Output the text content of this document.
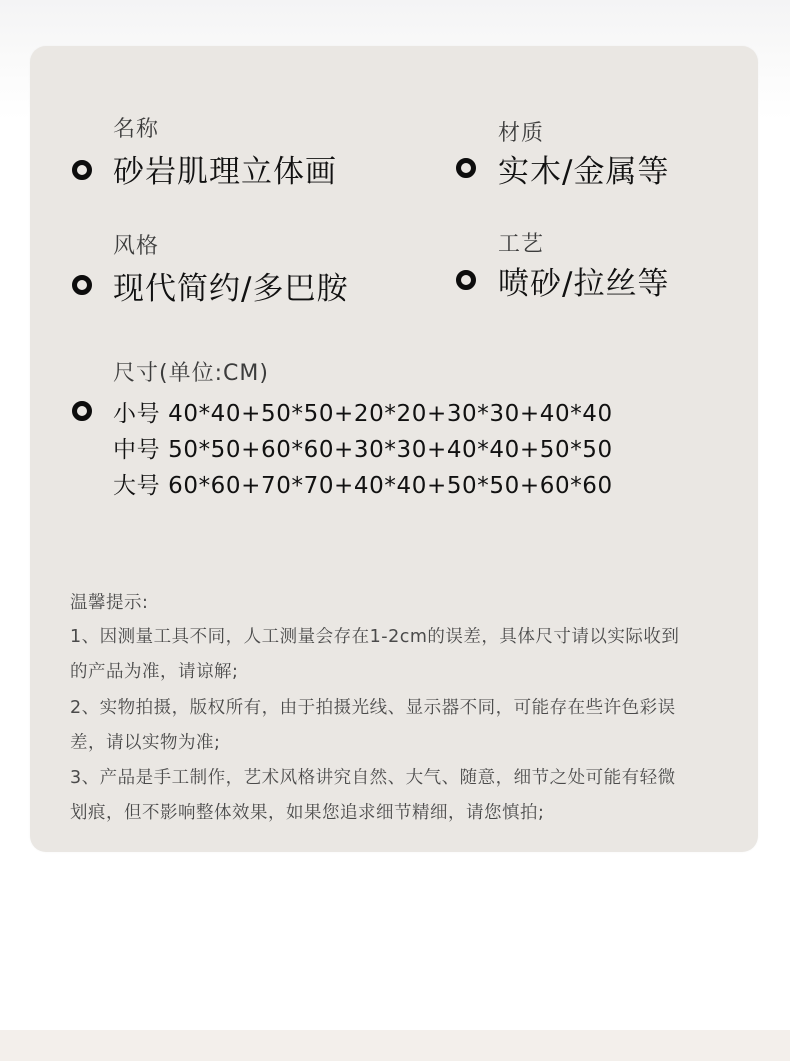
名称
砂岩肌理立体画
材质
实木/金属等
风格
现代简约/多巴胺
工艺
喷砂/拉丝等
尺寸(单位:CM)
小号 40*40+50*50+20*20+30*30+40*40
中号 50*50+60*60+30*30+40*40+50*50
大号 60*60+70*70+40*40+50*50+60*60
温馨提示:
1、因测量工具不同，人工测量会存在1-2cm的误差，具体尺寸请以实际收到
的产品为准，请谅解;
2、实物拍摄，版权所有，由于拍摄光线、显示器不同，可能存在些许色彩误
差，请以实物为准;
3、产品是手工制作，艺术风格讲究自然、大气、随意，细节之处可能有轻微
划痕，但不影响整体效果，如果您追求细节精细，请您慎拍;
